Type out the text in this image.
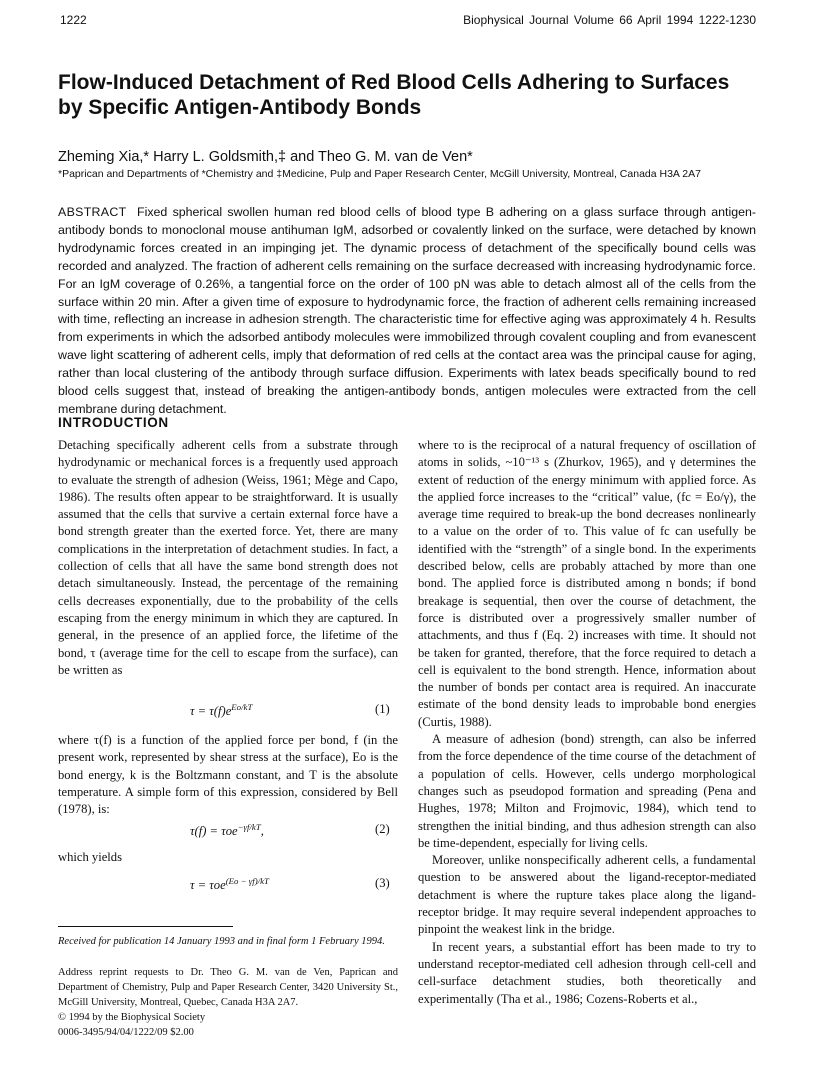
1222	Biophysical Journal Volume 66 April 1994 1222-1230
Flow-Induced Detachment of Red Blood Cells Adhering to Surfaces by Specific Antigen-Antibody Bonds
Zheming Xia,* Harry L. Goldsmith,‡ and Theo G. M. van de Ven*
*Paprican and Departments of *Chemistry and ‡Medicine, Pulp and Paper Research Center, McGill University, Montreal, Canada H3A 2A7
ABSTRACT Fixed spherical swollen human red blood cells of blood type B adhering on a glass surface through antigen-antibody bonds to monoclonal mouse antihuman IgM, adsorbed or covalently linked on the surface, were detached by known hydrodynamic forces created in an impinging jet. The dynamic process of detachment of the specifically bound cells was recorded and analyzed. The fraction of adherent cells remaining on the surface decreased with increasing hydrodynamic force. For an IgM coverage of 0.26%, a tangential force on the order of 100 pN was able to detach almost all of the cells from the surface within 20 min. After a given time of exposure to hydrodynamic force, the fraction of adherent cells remaining increased with time, reflecting an increase in adhesion strength. The characteristic time for effective aging was approximately 4 h. Results from experiments in which the adsorbed antibody molecules were immobilized through covalent coupling and from evanescent wave light scattering of adherent cells, imply that deformation of red cells at the contact area was the principal cause for aging, rather than local clustering of the antibody through surface diffusion. Experiments with latex beads specifically bound to red blood cells suggest that, instead of breaking the antigen-antibody bonds, antigen molecules were extracted from the cell membrane during detachment.
INTRODUCTION

Detaching specifically adherent cells from a substrate through hydrodynamic or mechanical forces is a frequently used approach to evaluate the strength of adhesion (Weiss, 1961; Mège and Capo, 1986). The results often appear to be straightforward. It is usually assumed that the cells that survive a certain external force have a bond strength greater than the exerted force. Yet, there are many complications in the interpretation of detachment studies. In fact, a collection of cells that all have the same bond strength does not detach simultaneously. Instead, the percentage of the remaining cells decreases exponentially, due to the probability of the cells escaping from the energy minimum in which they are captured. In general, in the presence of an applied force, the lifetime of the bond, τ (average time for the cell to escape from the surface), can be written as

$\tau = \tau(f)e^{Eo/kT}$	(1)

where τ(f) is a function of the applied force per bond, f (in the present work, represented by shear stress at the surface), Eo is the bond energy, k is the Boltzmann constant, and T is the absolute temperature. A simple form of this expression, considered by Bell (1978), is:

τ(f) = τoe$^{-\gamma f/kT}$,	(2)

which yields

τ = τoe$^{(Eo - \gamma f)/kT}$	(3)
Received for publication 14 January 1993 and in final form 1 February 1994.
Address reprint requests to Dr. Theo G. M. van de Ven, Paprican and Department of Chemistry, Pulp and Paper Research Center, 3420 University St., McGill University, Montreal, Quebec, Canada H3A 2A7.
© 1994 by the Biophysical Society
0006-3495/94/04/1222/09 $2.00

where τo is the reciprocal of a natural frequency of oscillation of atoms in solids, ~10⁻¹³ s (Zhurkov, 1965), and γ determines the extent of reduction of the energy minimum with applied force. As the applied force increases to the “critical” value, (fc = Eo/γ), the average time required to break-up the bond decreases nonlinearly to a value on the order of τo. This value of fc can usefully be identified with the “strength” of a single bond. In the experiments described below, cells are probably attached by more than one bond. The applied force is distributed among n bonds; if bond breakage is sequential, then over the course of detachment, the force is distributed over a progressively smaller number of attachments, and thus f (Eq. 2) increases with time. It should not be taken for granted, therefore, that the force required to detach a cell is equivalent to the bond strength. Hence, information about the number of bonds per contact area is required. An inaccurate estimate of the bond density leads to improbable bond energies (Curtis, 1988).

A measure of adhesion (bond) strength, can also be inferred from the force dependence of the time course of the detachment of a population of cells. However, cells undergo morphological changes such as pseudopod formation and spreading (Pena and Hughes, 1978; Milton and Frojmovic, 1984), which tend to strengthen the initial binding, and thus adhesion strength can also be time-dependent, especially for living cells.

Moreover, unlike nonspecifically adherent cells, a fundamental question to be answered about the ligand-receptor-mediated detachment is where the rupture takes place along the ligand-receptor bridge. It may require several independent approaches to pinpoint the weakest link in the bridge.

In recent years, a substantial effort has been made to try to understand receptor-mediated cell adhesion through cell-cell and cell-surface detachment studies, both theoretically and experimentally (Tha et al., 1986; Cozens-Roberts et al.,
